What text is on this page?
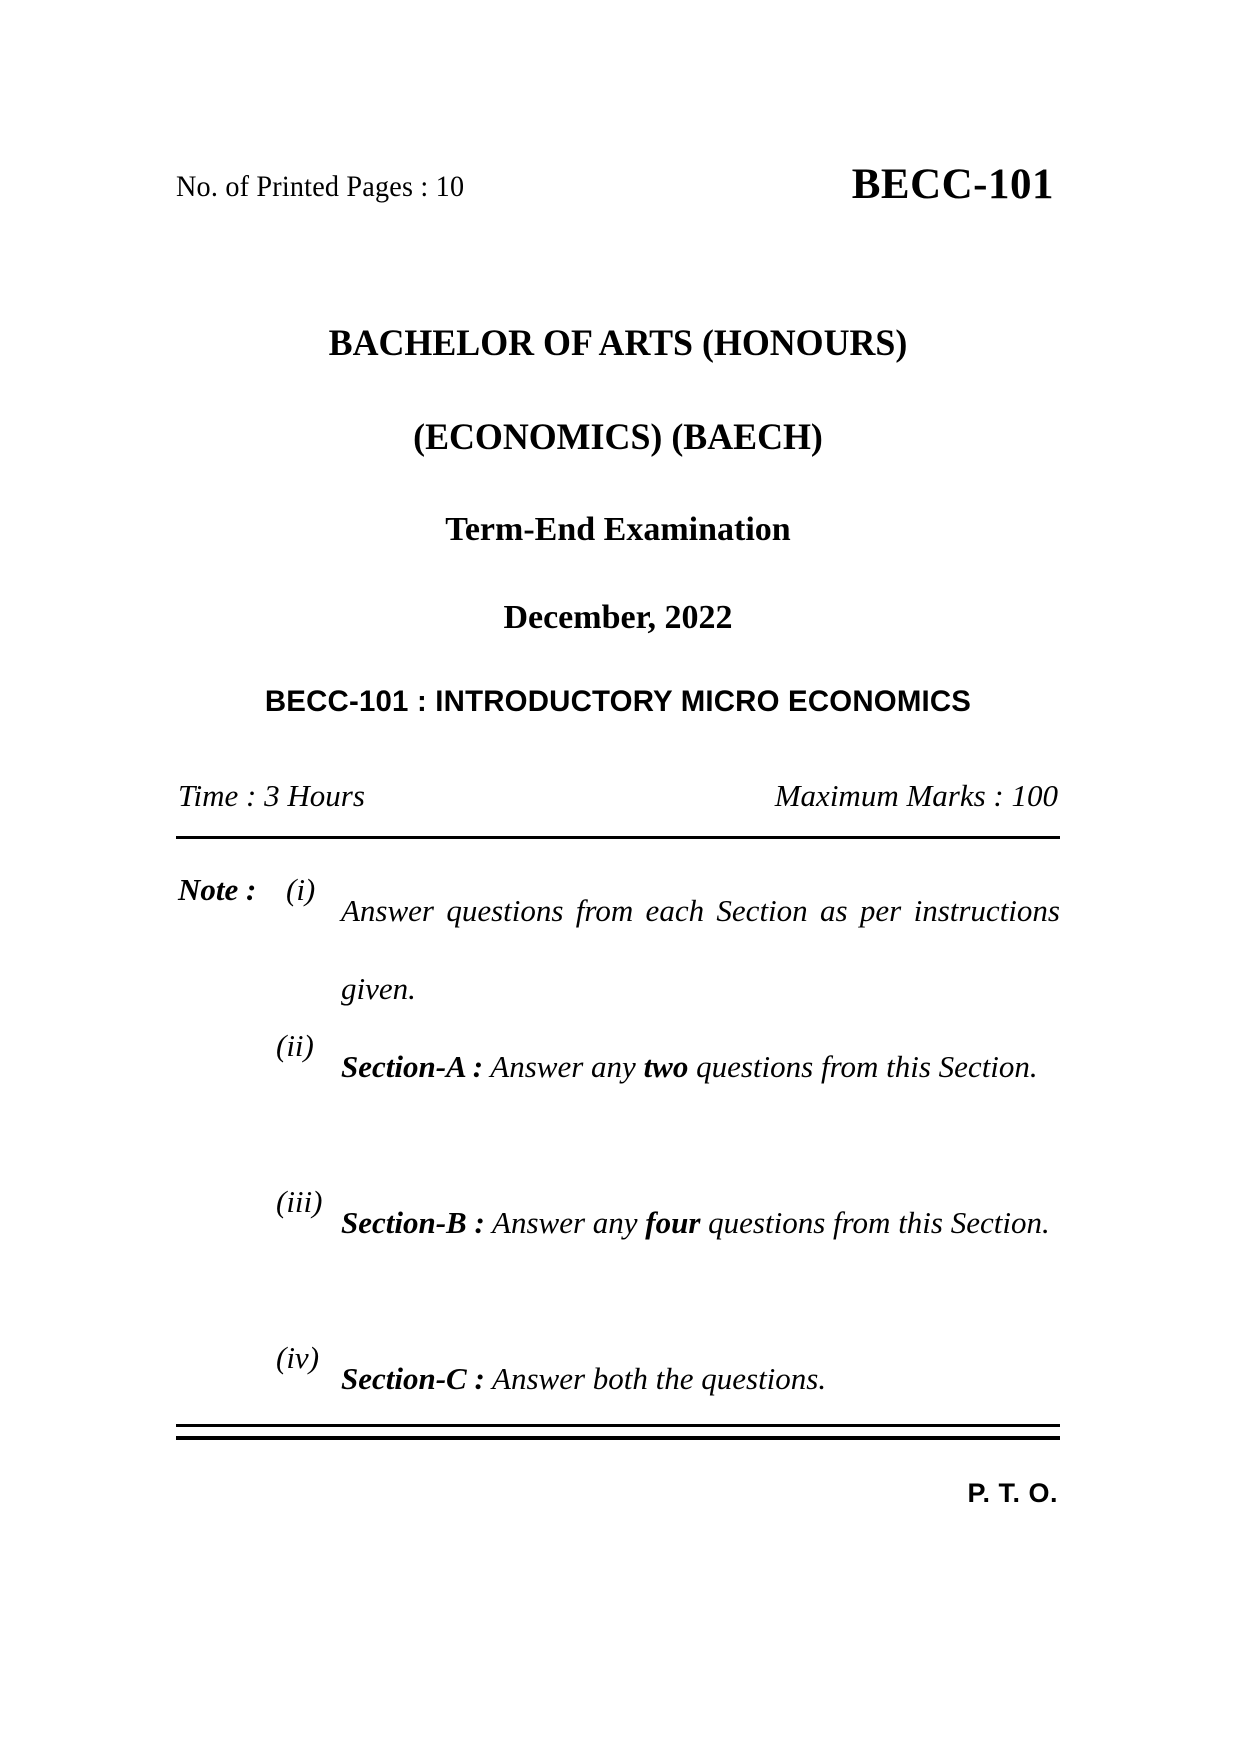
No. of Printed Pages : 10	BECC-101
BACHELOR OF ARTS (HONOURS)
(ECONOMICS) (BAECH)
Term-End Examination
December, 2022
BECC-101 : INTRODUCTORY MICRO ECONOMICS
Time : 3 Hours	Maximum Marks : 100
Note : (i)
Answer questions from each Section as per instructions given.
(ii)
Section-A : Answer any two questions from this Section.
(iii)
Section-B : Answer any four questions from this Section.
(iv)
Section-C : Answer both the questions.
P. T. O.
